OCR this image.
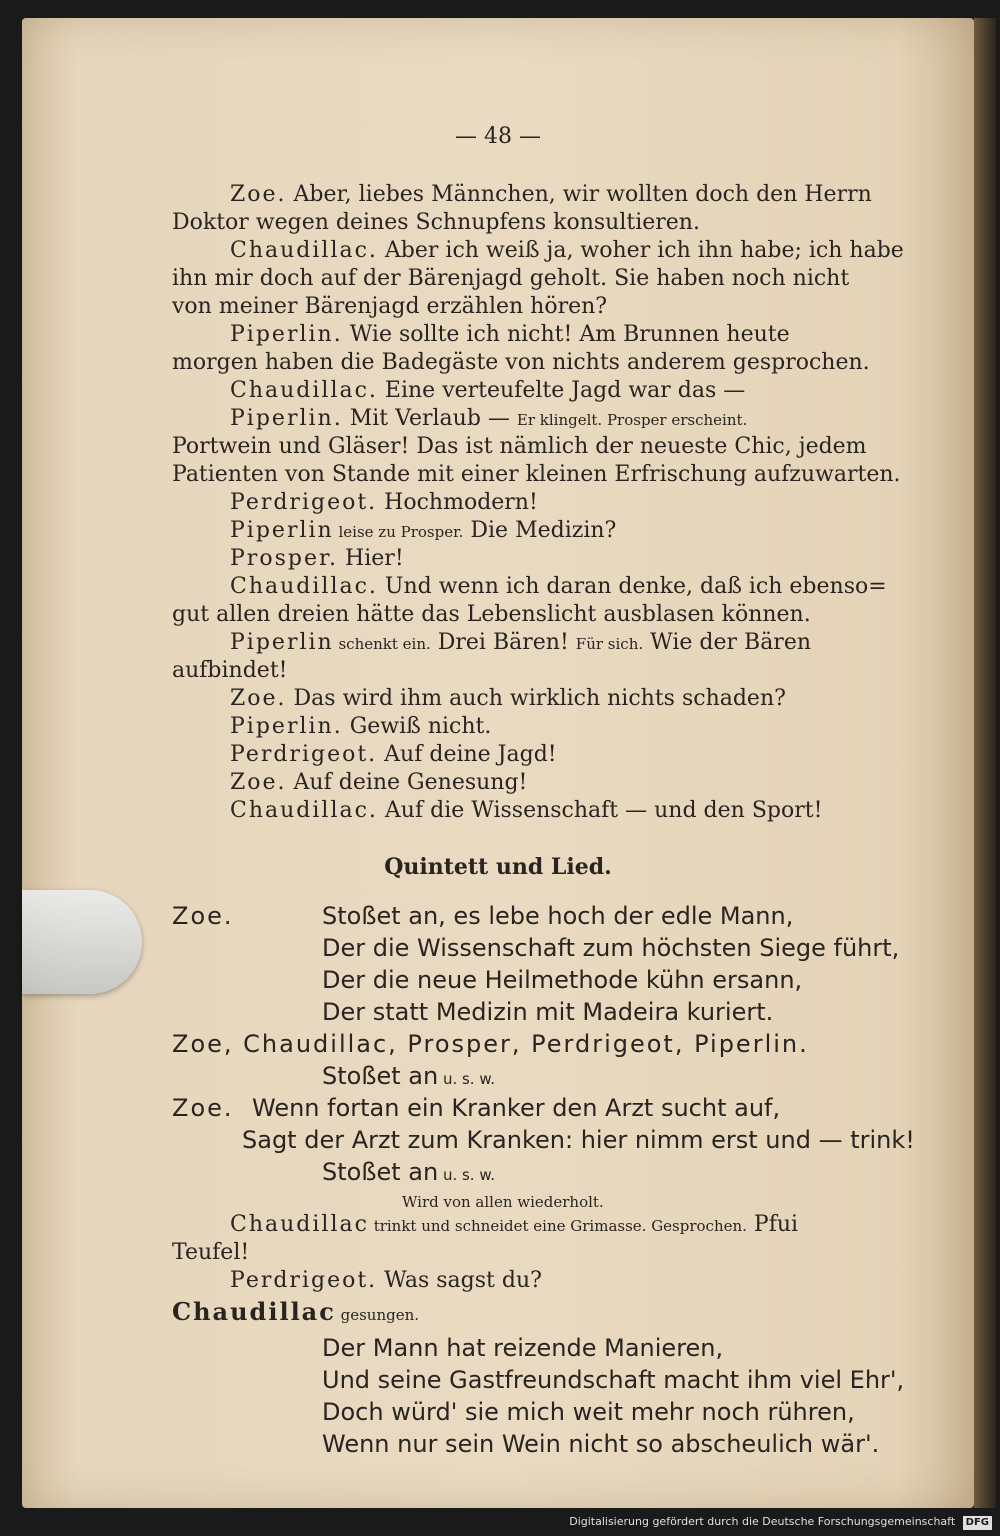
— 48 —
Zoe. Aber, liebes Männchen, wir wollten doch den Herrn
Doktor wegen deines Schnupfens konsultieren.
Chaudillac. Aber ich weiß ja, woher ich ihn habe; ich habe
ihn mir doch auf der Bärenjagd geholt. Sie haben noch nicht
von meiner Bärenjagd erzählen hören?
Piperlin. Wie sollte ich nicht! Am Brunnen heute
morgen haben die Badegäste von nichts anderem gesprochen.
Chaudillac. Eine verteufelte Jagd war das —
Piperlin. Mit Verlaub — Er klingelt. Prosper erscheint.
Portwein und Gläser! Das ist nämlich der neueste Chic, jedem
Patienten von Stande mit einer kleinen Erfrischung aufzuwarten.
Perdrigeot. Hochmodern!
Piperlin leise zu Prosper. Die Medizin?
Prosper. Hier!
Chaudillac. Und wenn ich daran denke, daß ich ebenso=
gut allen dreien hätte das Lebenslicht ausblasen können.
Piperlin schenkt ein. Drei Bären! Für sich. Wie der Bären
aufbindet!
Zoe. Das wird ihm auch wirklich nichts schaden?
Piperlin. Gewiß nicht.
Perdrigeot. Auf deine Jagd!
Zoe. Auf deine Genesung!
Chaudillac. Auf die Wissenschaft — und den Sport!
Quintett und Lied.
Zoe.	Stoßet an, es lebe hoch der edle Mann,
Der die Wissenschaft zum höchsten Siege führt,
Der die neue Heilmethode kühn ersann,
Der statt Medizin mit Madeira kuriert.
Zoe, Chaudillac, Prosper, Perdrigeot, Piperlin.
Stoßet an u. s. w.
Zoe. Wenn fortan ein Kranker den Arzt sucht auf,
Sagt der Arzt zum Kranken: hier nimm erst und — trink!
Stoßet an u. s. w.
Wird von allen wiederholt.
Chaudillac trinkt und schneidet eine Grimasse. Gesprochen. Pfui
Teufel!
Perdrigeot. Was sagst du?
Chaudillac gesungen.
Der Mann hat reizende Manieren,
Und seine Gastfreundschaft macht ihm viel Ehr',
Doch würd' sie mich weit mehr noch rühren,
Wenn nur sein Wein nicht so abscheulich wär'.
Digitalisierung gefördert durch die Deutsche Forschungsgemeinschaft DFG
